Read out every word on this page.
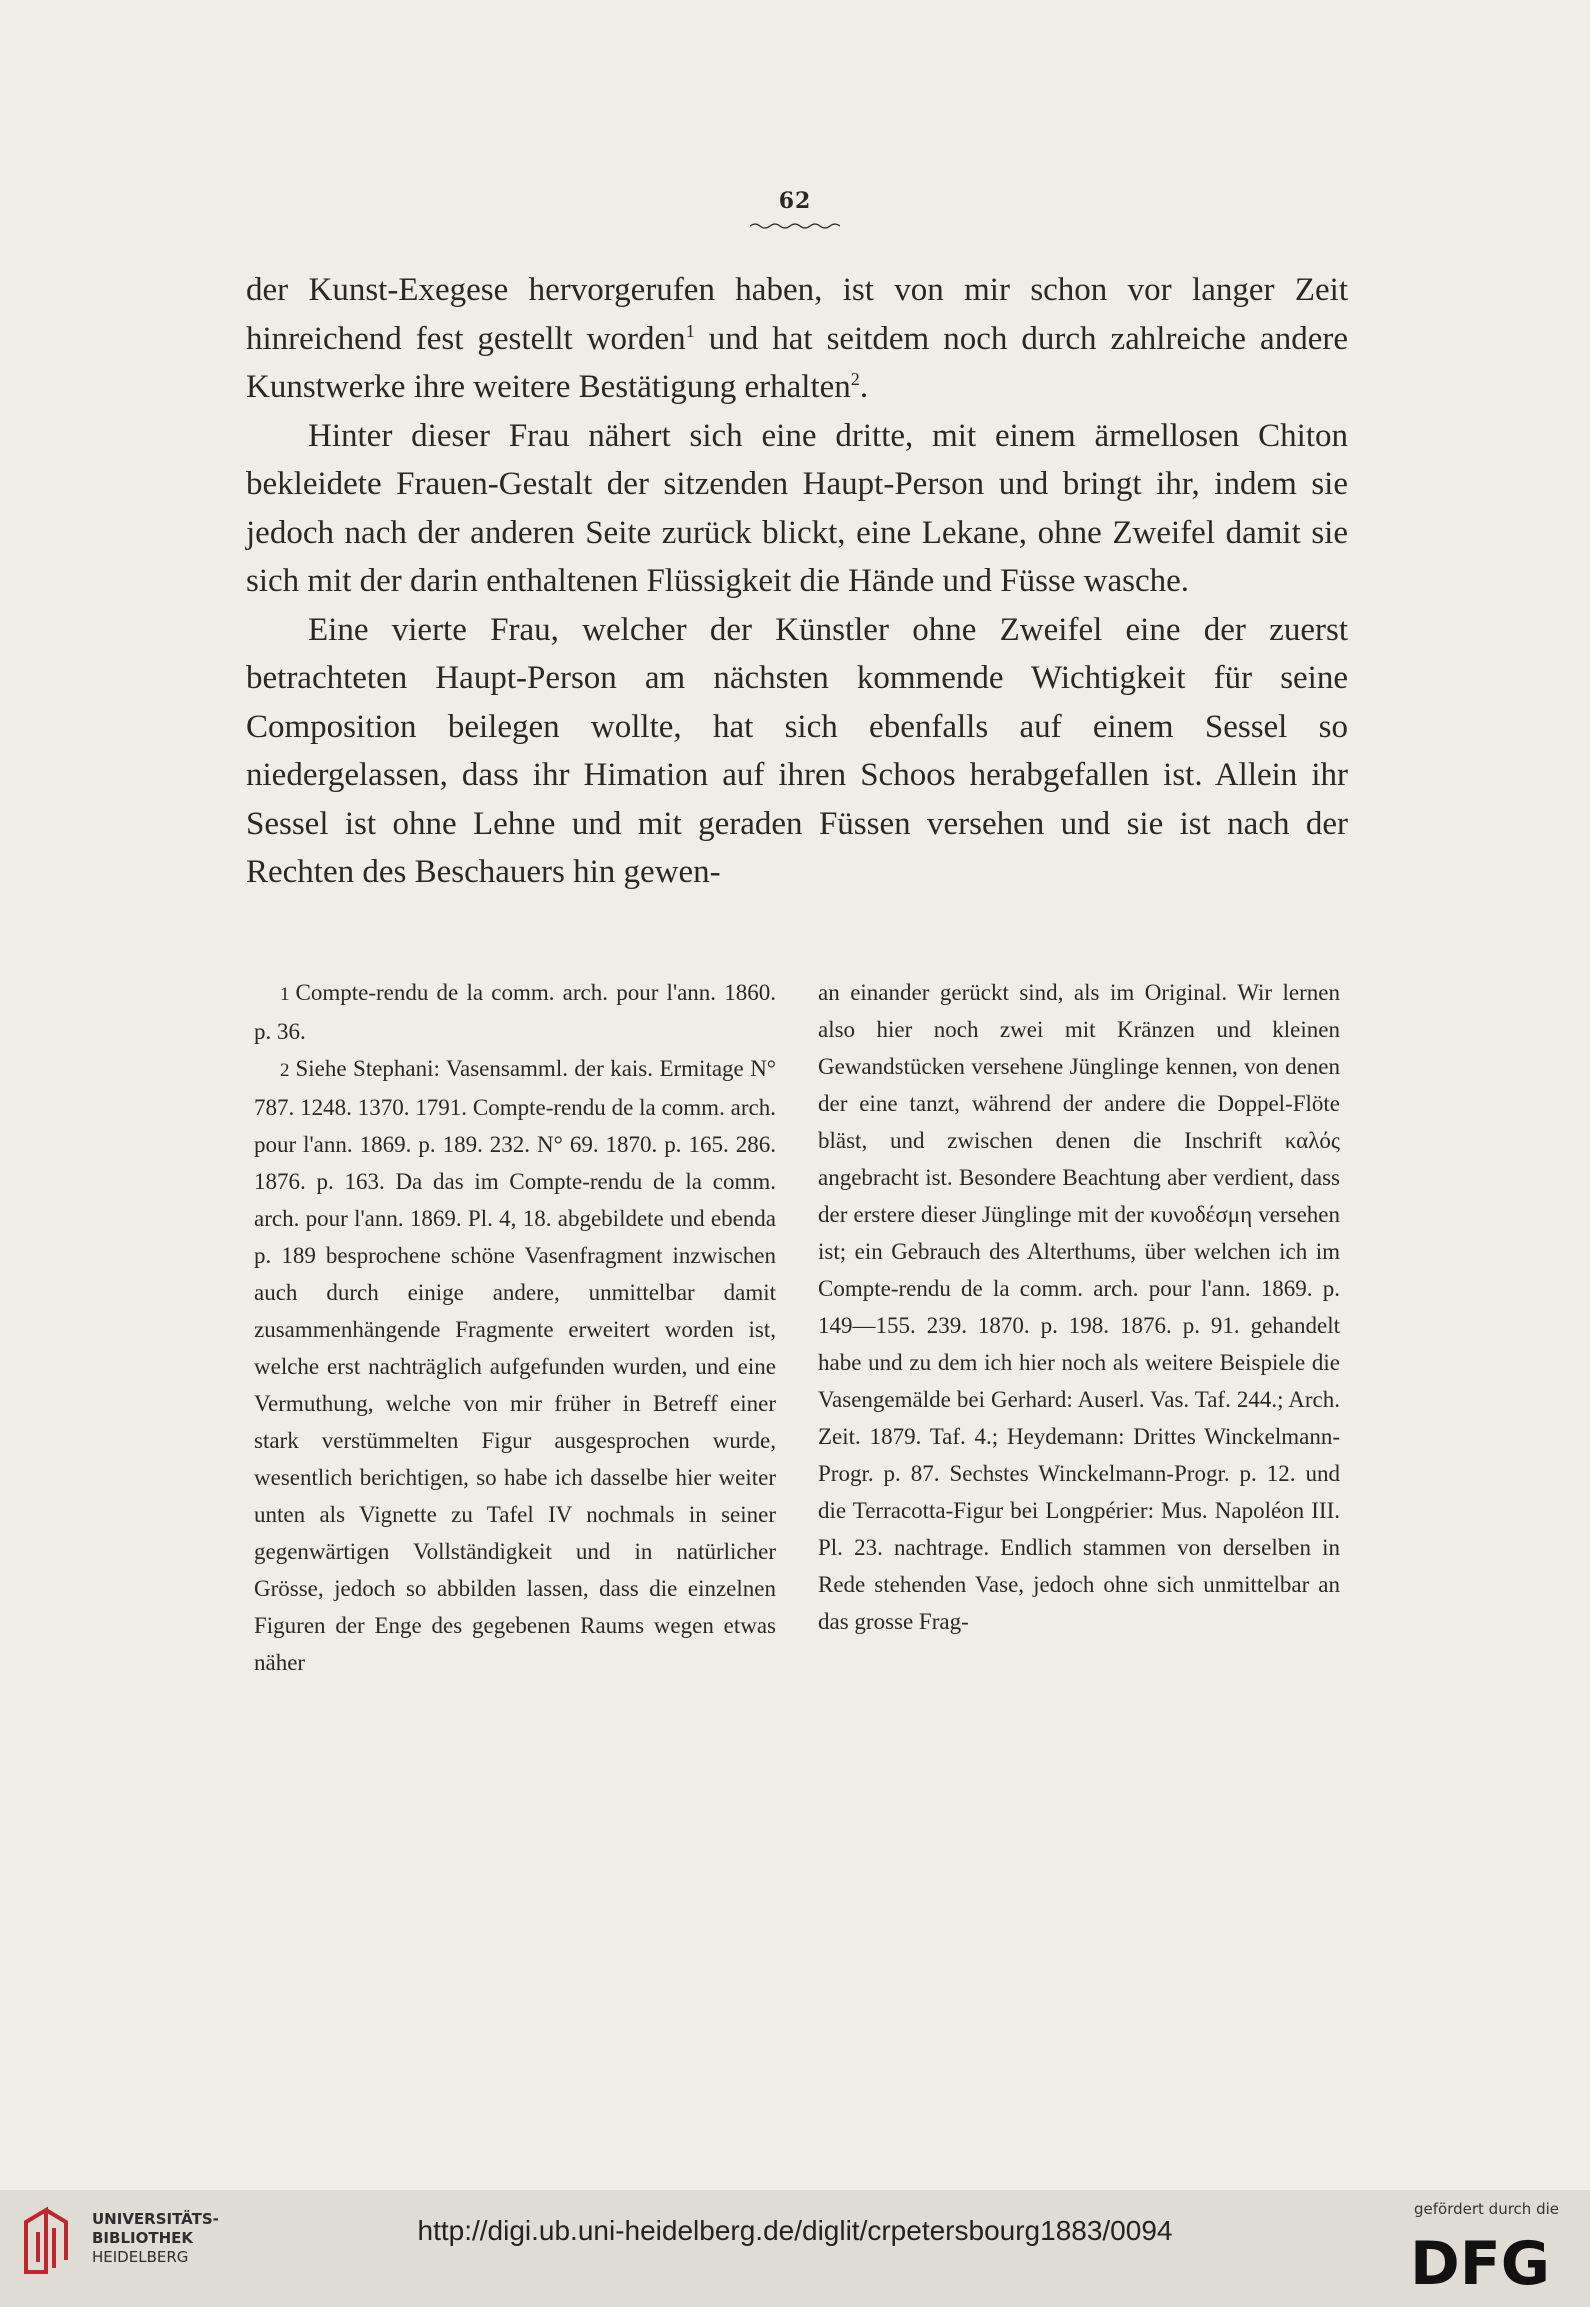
62

der Kunst-Exegese hervorgerufen haben, ist von mir schon vor langer Zeit hinreichend fest gestellt worden$^1$ und hat seitdem noch durch zahlreiche andere Kunstwerke ihre weitere Bestätigung erhalten$^2$.

Hinter dieser Frau nähert sich eine dritte, mit einem ärmellosen Chiton bekleidete Frauen-Gestalt der sitzenden Haupt-Person und bringt ihr, indem sie jedoch nach der anderen Seite zurück blickt, eine Lekane, ohne Zweifel damit sie sich mit der darin enthaltenen Flüssigkeit die Hände und Füsse wasche.

Eine vierte Frau, welcher der Künstler ohne Zweifel eine der zuerst betrachteten Haupt-Person am nächsten kommende Wichtigkeit für seine Composition beilegen wollte, hat sich ebenfalls auf einem Sessel so niedergelassen, dass ihr Himation auf ihren Schoos herabgefallen ist. Allein ihr Sessel ist ohne Lehne und mit geraden Füssen versehen und sie ist nach der Rechten des Beschauers hin gewen-

1 Compte-rendu de la comm. arch. pour l'ann. 1860. p. 36.

2 Siehe Stephani: Vasensamml. der kais. Ermitage N° 787. 1248. 1370. 1791. Compte-rendu de la comm. arch. pour l'ann. 1869. p. 189. 232. N° 69. 1870. p. 165. 286. 1876. p. 163. Da das im Compte-rendu de la comm. arch. pour l'ann. 1869. Pl. 4, 18. abgebildete und ebenda p. 189 besprochene schöne Vasenfragment inzwischen auch durch einige andere, unmittelbar damit zusammenhängende Fragmente erweitert worden ist, welche erst nachträglich aufgefunden wurden, und eine Vermuthung, welche von mir früher in Betreff einer stark verstümmelten Figur ausgesprochen wurde, wesentlich berichtigen, so habe ich dasselbe hier weiter unten als Vignette zu Tafel IV nochmals in seiner gegenwärtigen Vollständigkeit und in natürlicher Grösse, jedoch so abbilden lassen, dass die einzelnen Figuren der Enge des gegebenen Raums wegen etwas näher

an einander gerückt sind, als im Original. Wir lernen also hier noch zwei mit Kränzen und kleinen Gewandstücken versehene Jünglinge kennen, von denen der eine tanzt, während der andere die Doppel-Flöte bläst, und zwischen denen die Inschrift καλός angebracht ist. Besondere Beachtung aber verdient, dass der erstere dieser Jünglinge mit der κυνοδέσμη versehen ist; ein Gebrauch des Alterthums, über welchen ich im Compte-rendu de la comm. arch. pour l'ann. 1869. p. 149—155. 239. 1870. p. 198. 1876. p. 91. gehandelt habe und zu dem ich hier noch als weitere Beispiele die Vasengemälde bei Gerhard: Auserl. Vas. Taf. 244.; Arch. Zeit. 1879. Taf. 4.; Heydemann: Drittes Winckelmann-Progr. p. 87. Sechstes Winckelmann-Progr. p. 12. und die Terracotta-Figur bei Longpérier: Mus. Napoléon III. Pl. 23. nachtrage. Endlich stammen von derselben in Rede stehenden Vase, jedoch ohne sich unmittelbar an das grosse Frag-

UNIVERSITÄTS-
BIBLIOTHEK
HEIDELBERG
http://digi.ub.uni-heidelberg.de/diglit/crpetersbourg1883/0094
gefördert durch die
DFG
